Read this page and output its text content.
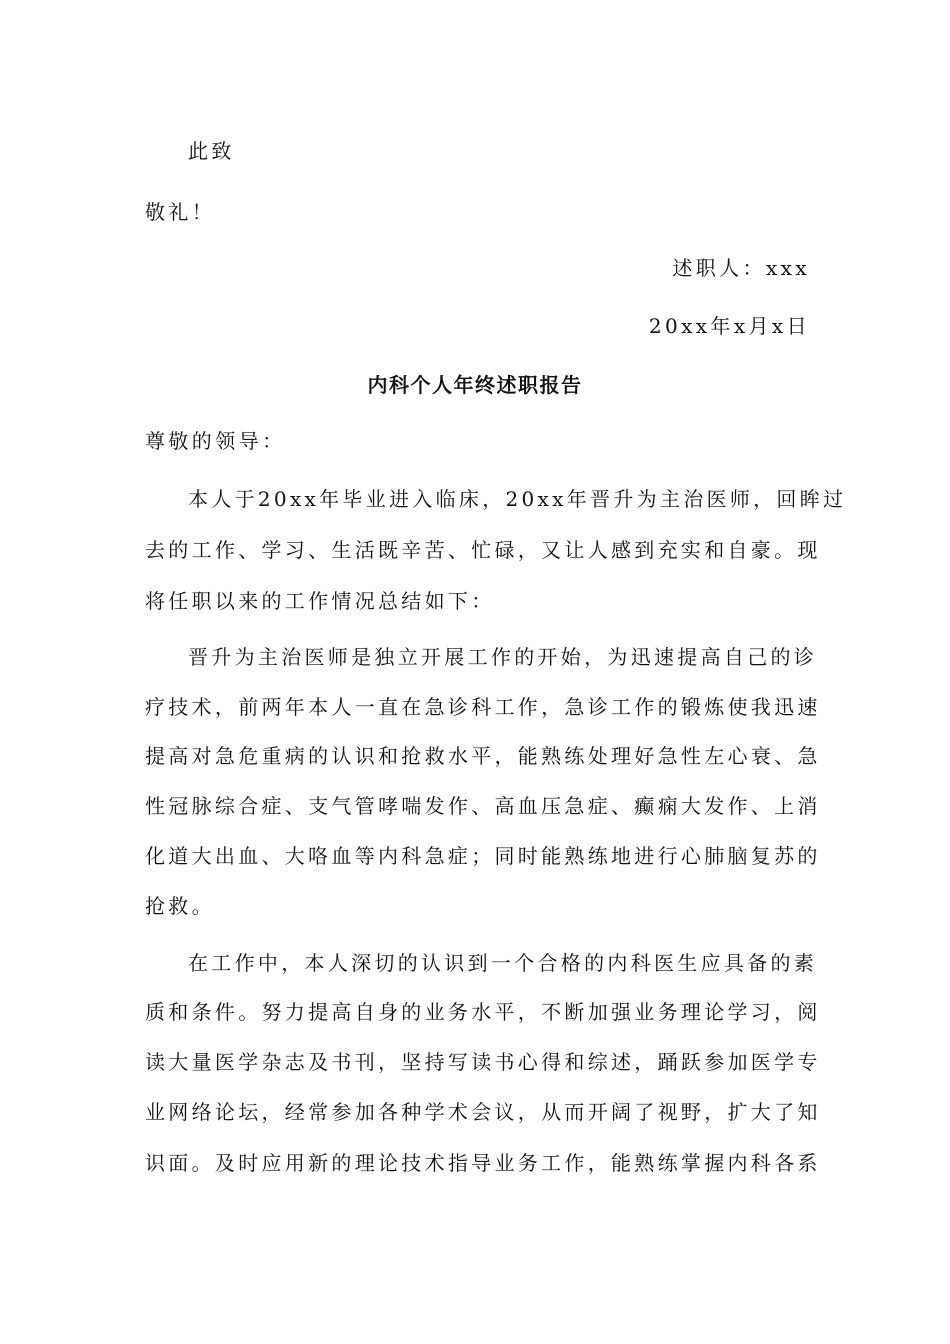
此致
敬礼！
述职人：xxx
20xx年x月x日
内科个人年终述职报告
尊敬的领导：
本人于20xx年毕业进入临床，20xx年晋升为主治医师，回眸过
去的工作、学习、生活既辛苦、忙碌，又让人感到充实和自豪。现
将任职以来的工作情况总结如下：
晋升为主治医师是独立开展工作的开始，为迅速提高自己的诊
疗技术，前两年本人一直在急诊科工作，急诊工作的锻炼使我迅速
提高对急危重病的认识和抢救水平，能熟练处理好急性左心衰、急
性冠脉综合症、支气管哮喘发作、高血压急症、癫痫大发作、上消
化道大出血、大咯血等内科急症；同时能熟练地进行心肺脑复苏的
抢救。
在工作中，本人深切的认识到一个合格的内科医生应具备的素
质和条件。努力提高自身的业务水平，不断加强业务理论学习，阅
读大量医学杂志及书刊，坚持写读书心得和综述，踊跃参加医学专
业网络论坛，经常参加各种学术会议，从而开阔了视野，扩大了知
识面。及时应用新的理论技术指导业务工作，能熟练掌握内科各系
